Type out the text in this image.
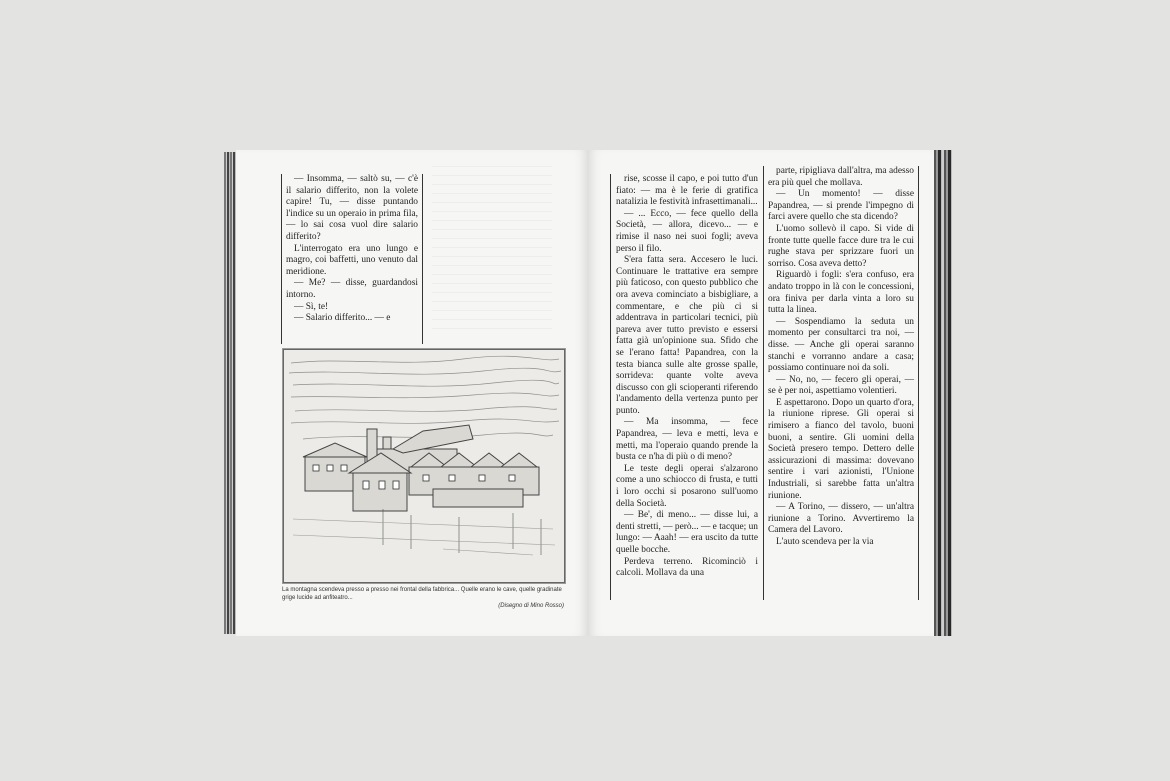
— Insomma, — saltò su, — c'è il salario differito, non la volete capire! Tu, — disse puntando l'indice su un operaio in prima fila, — lo sai cosa vuol dire salario differito?

L'interrogato era uno lungo e magro, coi baffetti, uno venuto dal meridione.

— Me? — disse, guardandosi intorno.

— Sì, te!

— Salario differito... — e

La montagna scendeva presso a presso nei frontal della fabbrica... Quelle erano le cave, quelle gradinate grige lucide ad anfiteatro...
(Disegno di Mino Rosso)

rise, scosse il capo, e poi tutto d'un fiato: — ma è le ferie di gratifica natalizia le festività infrasettimanali...

— ... Ecco, — fece quello della Società, — allora, dicevo... — e rimise il naso nei suoi fogli; aveva perso il filo.

S'era fatta sera. Accesero le luci. Continuare le trattative era sempre più faticoso, con questo pubblico che ora aveva cominciato a bisbigliare, a commentare, e che più ci si addentrava in particolari tecnici, più pareva aver tutto previsto e essersi fatta già un'opinione sua. Sfido che se l'erano fatta! Papandrea, con la testa bianca sulle alte grosse spalle, sorrideva: quante volte aveva discusso con gli scioperanti riferendo l'andamento della vertenza punto per punto.

— Ma insomma, — fece Papandrea, — leva e metti, leva e metti, ma l'operaio quando prende la busta ce n'ha di più o di meno?

Le teste degli operai s'alzarono come a uno schiocco di frusta, e tutti i loro occhi si posarono sull'uomo della Società.

— Be', di meno... — disse lui, a denti stretti, — però... — e tacque; un lungo: — Aaah! — era uscito da tutte quelle bocche.

Perdeva terreno. Ricominciò i calcoli. Mollava da una

parte, ripigliava dall'altra, ma adesso era più quel che mollava.

— Un momento! — disse Papandrea, — si prende l'impegno di farci avere quello che sta dicendo?

L'uomo sollevò il capo. Si vide di fronte tutte quelle facce dure tra le cui rughe stava per sprizzare fuori un sorriso. Cosa aveva detto?

Riguardò i fogli: s'era confuso, era andato troppo in là con le concessioni, ora finiva per darla vinta a loro su tutta la linea.

— Sospendiamo la seduta un momento per consultarci tra noi, — disse. — Anche gli operai saranno stanchi e vorranno andare a casa; possiamo continuare noi da soli.

— No, no, — fecero gli operai, — se è per noi, aspettiamo volentieri.

E aspettarono. Dopo un quarto d'ora, la riunione riprese. Gli operai si rimisero a fianco del tavolo, buoni buoni, a sentire. Gli uomini della Società presero tempo. Dettero delle assicurazioni di massima: dovevano sentire i vari azionisti, l'Unione Industriali, si sarebbe fatta un'altra riunione.

— A Torino, — dissero, — un'altra riunione a Torino. Avvertiremo la Camera del Lavoro.

L'auto scendeva per la via
